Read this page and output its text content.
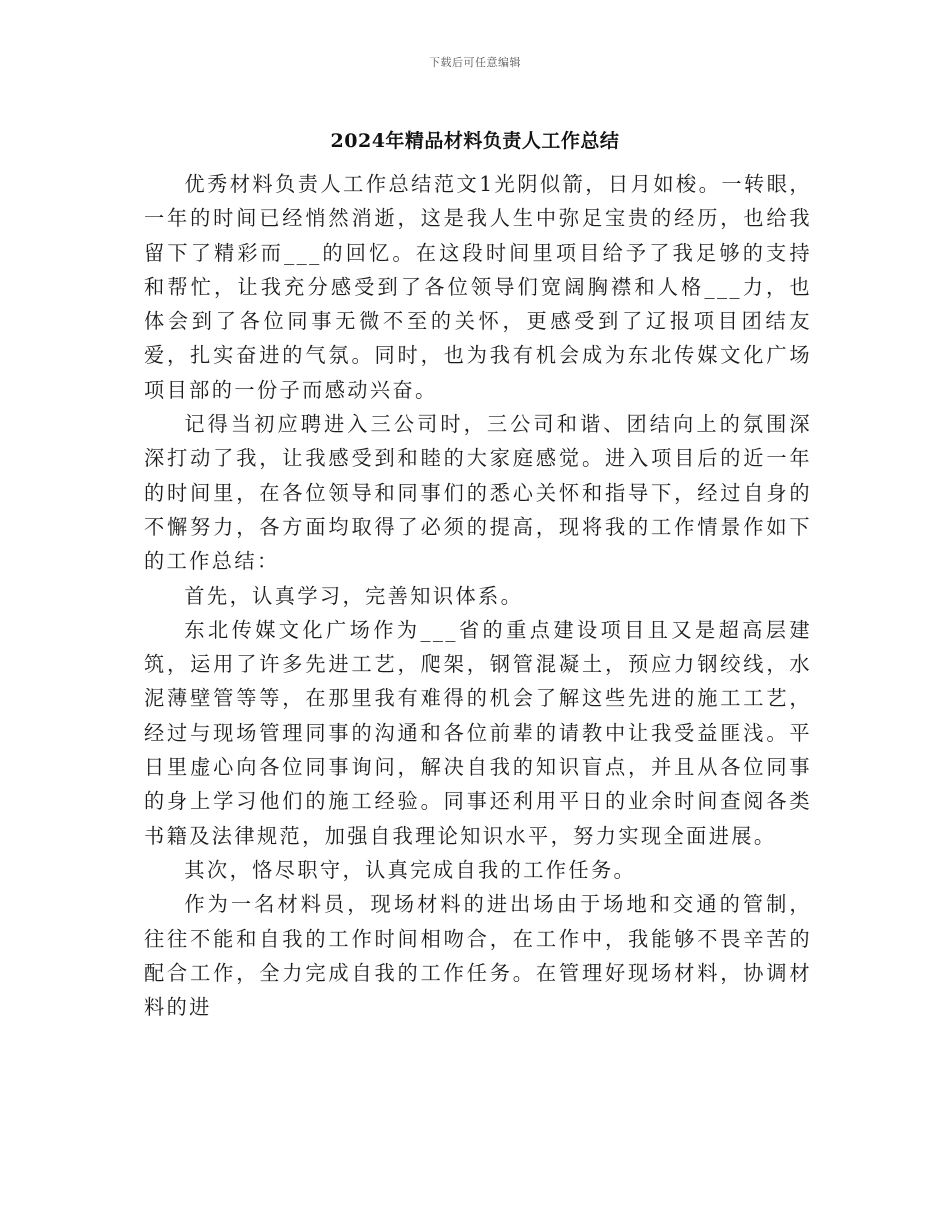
下载后可任意编辑
2024年精品材料负责人工作总结

优秀材料负责人工作总结范文1光阴似箭，日月如梭。一转眼，一年的时间已经悄然消逝，这是我人生中弥足宝贵的经历，也给我留下了精彩而___的回忆。在这段时间里项目给予了我足够的支持和帮忙，让我充分感受到了各位领导们宽阔胸襟和人格___力，也体会到了各位同事无微不至的关怀，更感受到了辽报项目团结友爱，扎实奋进的气氛。同时，也为我有机会成为东北传媒文化广场项目部的一份子而感动兴奋。

记得当初应聘进入三公司时，三公司和谐、团结向上的氛围深深打动了我，让我感受到和睦的大家庭感觉。进入项目后的近一年的时间里，在各位领导和同事们的悉心关怀和指导下，经过自身的不懈努力，各方面均取得了必须的提高，现将我的工作情景作如下的工作总结：

首先，认真学习，完善知识体系。

东北传媒文化广场作为___省的重点建设项目且又是超高层建筑，运用了许多先进工艺，爬架，钢管混凝土，预应力钢绞线，水泥薄壁管等等，在那里我有难得的机会了解这些先进的施工工艺，经过与现场管理同事的沟通和各位前辈的请教中让我受益匪浅。平日里虚心向各位同事询问，解决自我的知识盲点，并且从各位同事的身上学习他们的施工经验。同事还利用平日的业余时间查阅各类书籍及法律规范，加强自我理论知识水平，努力实现全面进展。

其次，恪尽职守，认真完成自我的工作任务。

作为一名材料员，现场材料的进出场由于场地和交通的管制，往往不能和自我的工作时间相吻合，在工作中，我能够不畏辛苦的配合工作，全力完成自我的工作任务。在管理好现场材料，协调材料的进
